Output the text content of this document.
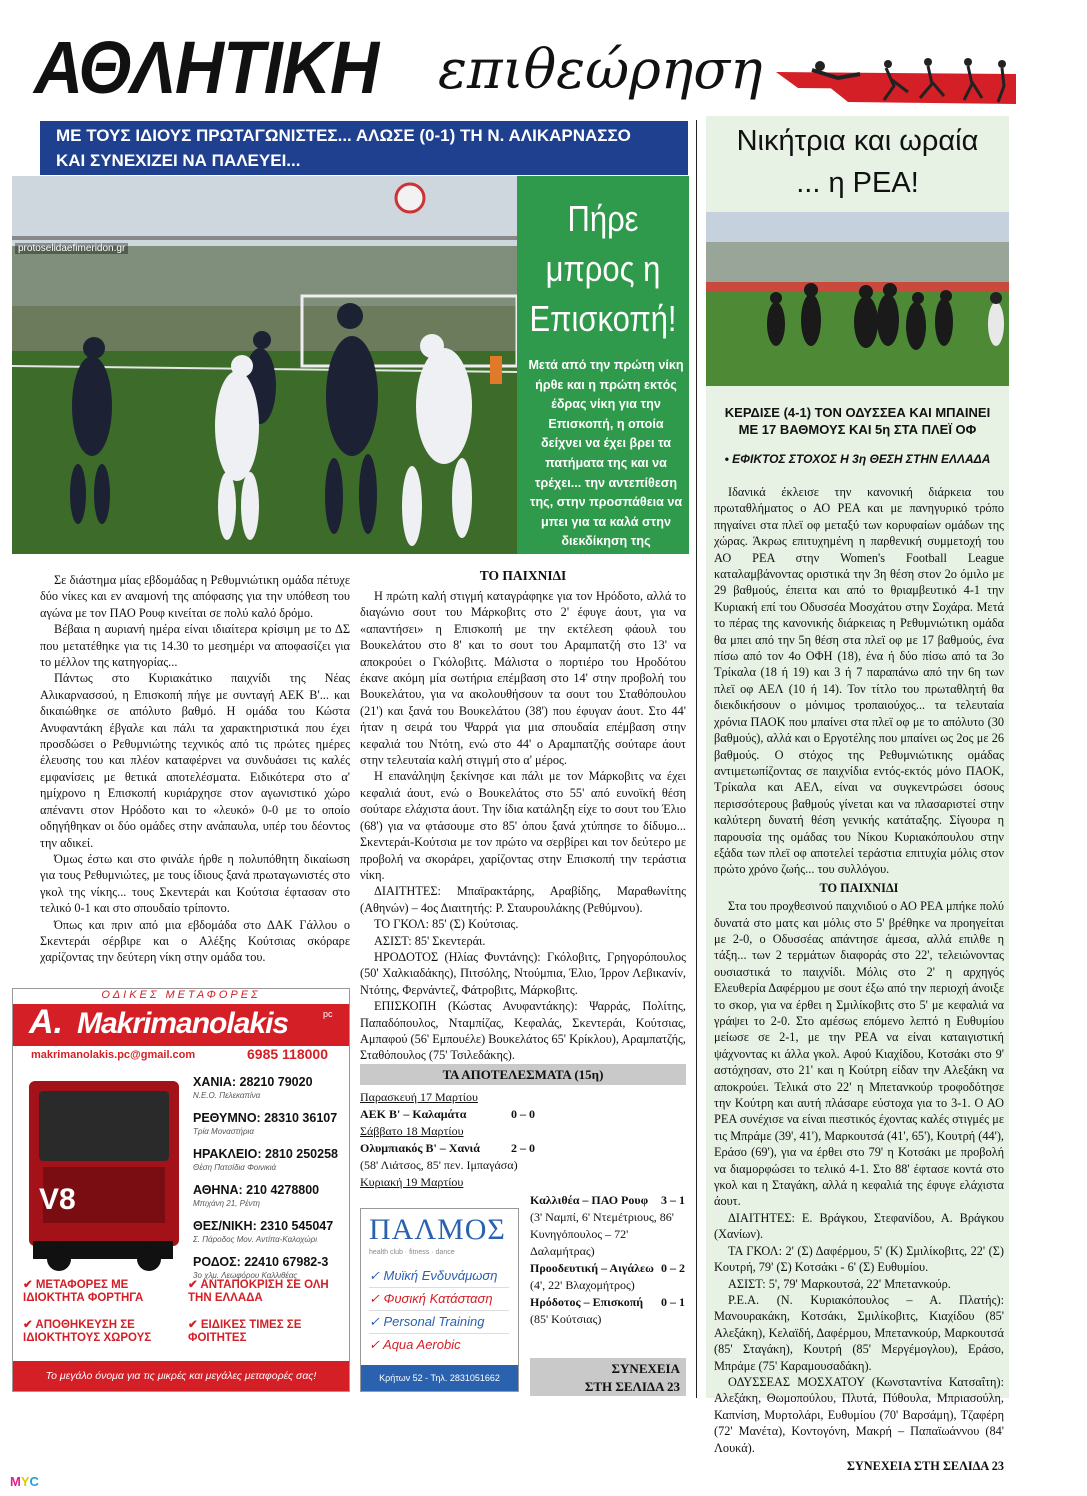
ΑΘΛΗΤΙΚΗ επιθεώρηση
ΜΕ ΤΟΥΣ ΙΔΙΟΥΣ ΠΡΩΤΑΓΩΝΙΣΤΕΣ... ΑΛΩΣΕ (0-1) ΤΗ Ν. ΑΛΙΚΑΡΝΑΣΣΟ
ΚΑΙ ΣΥΝΕΧΙΖΕΙ ΝΑ ΠΑΛΕΥΕΙ...
protoselidaefimeridon.gr
Πήρε
μπρος η
Επισκοπή!
Μετά από την πρώτη νίκη ήρθε και η πρώτη εκτός έδρας νίκη για την Επισκοπή, η οποία δείχνει να έχει βρει τα πατήματα της και να τρέχει... την αντεπίθεση της, στην προσπάθεια να μπει για τα καλά στην διεκδίκηση της παραμονής.

Σε διάστημα μίας εβδομάδας η Ρεθυμνιώτικη ομάδα πέτυχε δύο νίκες και εν αναμονή της απόφασης για την υπόθεση του αγώνα με τον ΠΑΟ Ρουφ κινείται σε πολύ καλό δρόμο.

Βέβαια η αυριανή ημέρα είναι ιδιαίτερα κρίσιμη με το ΔΣ που μετατέθηκε για τις 14.30 το μεσημέρι να αποφασίζει για το μέλλον της κατηγορίας...

Πάντως στο Κυριακάτικο παιχνίδι της Νέας Αλικαρνασσού, η Επισκοπή πήγε με συνταγή ΑΕΚ Β'... και δικαιώθηκε σε απόλυτο βαθμό. Η ομάδα του Κώστα Ανυφαντάκη έβγαλε και πάλι τα χαρακτηριστικά που έχει προσδώσει ο Ρεθυμνιώτης τεχνικός από τις πρώτες ημέρες έλευσης του και πλέον καταφέρνει να συνδυάσει τις καλές εμφανίσεις με θετικά αποτελέσματα. Ειδικότερα στο α' ημίχρονο η Επισκοπή κυριάρχησε στον αγωνιστικό χώρο απέναντι στον Ηρόδοτο και το «λευκό» 0-0 με το οποίο οδηγήθηκαν οι δύο ομάδες στην ανάπαυλα, υπέρ του δέοντος την αδικεί.

Όμως έστω και στο φινάλε ήρθε η πολυπόθητη δικαίωση για τους Ρεθυμνιώτες, με τους ίδιους ξανά πρωταγωνιστές στο γκολ της νίκης... τους Σκεντεράι και Κούτσια έφτασαν στο τελικό 0-1 και στο σπουδαίο τρίποντο.

Όπως και πριν από μια εβδομάδα στο ΔΑΚ Γάλλου ο Σκεντεράι σέρβιρε και ο Αλέξης Κούτσιας σκόραρε χαρίζοντας την δεύτερη νίκη στην ομάδα του.

ΤΟ ΠΑΙΧΝΙΔΙ

Η πρώτη καλή στιγμή καταγράφηκε για τον Ηρόδοτο, αλλά το διαγώνιο σουτ του Μάρκοβιτς στο 2' έφυγε άουτ, για να «απαντήσει» η Επισκοπή με την εκτέλεση φάουλ του Βουκελάτου στο 8' και το σουτ του Αραμπατζή στο 13' να αποκρούει ο Γκόλοβιτς. Μάλιστα ο πορτιέρο του Ηροδότου έκανε ακόμη μία σωτήρια επέμβαση στο 14' στην προβολή του Βουκελάτου, για να ακολουθήσουν τα σουτ του Σταθόπουλου (21') και ξανά του Βουκελάτου (38') που έφυγαν άουτ. Στο 44' ήταν η σειρά του Ψαρρά για μια σπουδαία επέμβαση στην κεφαλιά του Ντότη, ενώ στο 44' ο Αραμπατζής σούταρε άουτ στην τελευταία καλή στιγμή στο α' μέρος.

Η επανάληψη ξεκίνησε και πάλι με τον Μάρκοβιτς να έχει κεφαλιά άουτ, ενώ ο Βουκελάτος στο 55' από ευνοϊκή θέση σούταρε ελάχιστα άουτ. Την ίδια κατάληξη είχε το σουτ του Έλιο (68') για να φτάσουμε στο 85' όπου ξανά χτύπησε το δίδυμο... Σκεντεράι-Κούτσια με τον πρώτο να σερβίρει και τον δεύτερο με προβολή να σκοράρει, χαρίζοντας στην Επισκοπή την τεράστια νίκη.

ΔΙΑΙΤΗΤΕΣ: Μπαϊρακτάρης, Αραβίδης, Μαραθωνίτης (Αθηνών) – 4ος Διαιτητής: Ρ. Σταυρουλάκης (Ρεθύμνου).

ΤΟ ΓΚΟΛ: 85' (Σ) Κούτσιας.

ΑΣΙΣΤ: 85' Σκεντεράι.

ΗΡΟΔΟΤΟΣ (Ηλίας Φυντάνης): Γκόλοβιτς, Γρηγορόπουλος (50' Χαλκιαδάκης), Πιτσόλης, Ντούμπια, Έλιο, Ίρρον Λεβικανίν, Ντότης, Φερνάντεζ, Φάτροβιτς, Μάρκοβιτς.

ΕΠΙΣΚΟΠΗ (Κώστας Ανυφαντάκης): Ψαρράς, Πολίτης, Παπαδόπουλος, Νταμπίζας, Κεφαλάς, Σκεντεράι, Κούτσιας, Αμπαφού (56' Εμπουέλε) Βουκελάτος 65' Κρίκλου), Αραμπατζής, Σταθόπουλος (75' Τσιλεδάκης).

ΤΑ ΑΠΟΤΕΛΕΣΜΑΤΑ (15η)
Παρασκευή 17 Μαρτίου
ΑΕΚ Β' – Καλαμάτα	0 – 0
Σάββατο 18 Μαρτίου
Ολυμπιακός Β' – Χανιά	2 – 0
(58' Λιάτσος, 85' πεν. Ιμπαγάσα)
Κυριακή 19 Μαρτίου
Καλλιθέα – ΠΑΟ Ρουφ 3 – 1
(3' Ναμπί, 6' Ντεμέτριους, 86' Κυνηγόπουλος – 72' Δαλαμήτρας)
Προοδευτική – Αιγάλεω 0 – 2
(4', 22' Βλαχομήτρος)
Ηρόδοτος – Επισκοπή 0 – 1
(85' Κούτσιας)
ΣΥΝΕΧΕΙΑ
ΣΤΗ ΣΕΛΙΔΑ 23
ΟΔΙΚΕΣ ΜΕΤΑΦΟΡΕΣ
A. Makrimanolakis	pc
makrimanolakis.pc@gmail.com	6985 118000
V8
ΧΑΝΙΑ: 28210 79020
Ν.Ε.Ο. Πελεκαπίνα
ΡΕΘΥΜΝΟ: 28310 36107
Τρία Μοναστήρια
ΗΡΑΚΛΕΙΟ: 2810 250258
Θέση Πατσίδια Φοινικιά
ΑΘΗΝΑ: 210 4278800
Μπιχάνη 21, Ρέντη
ΘΕΣ/ΝΙΚΗ: 2310 545047
Σ. Πάροδος Μον. Αντίπα-Καλοχώρι
ΡΟΔΟΣ: 22410 67982-3
3ο χλμ. Λεωφόρου Καλλιθέας
✔ ΜΕΤΑΦΟΡΕΣ ΜΕ ΙΔΙΟΚΤΗΤΑ ΦΟΡΤΗΓΑ
✔ ΑΝΤΑΠΟΚΡΙΣΗ ΣΕ ΟΛΗ ΤΗΝ ΕΛΛΑΔΑ
✔ ΑΠΟΘΗΚΕΥΣΗ ΣΕ ΙΔΙΟΚΤΗΤΟΥΣ ΧΩΡΟΥΣ
✔ ΕΙΔΙΚΕΣ ΤΙΜΕΣ ΣΕ ΦΟΙΤΗΤΕΣ
Το μεγάλο όνομα για τις μικρές και μεγάλες μεταφορές σας!
ΠΑΛΜΟΣ
health club · fitness · dance
✓ Μυϊκή Ενδυνάμωση
✓ Φυσική Κατάσταση
✓ Personal Training
✓ Aqua Aerobic
Κρήτων 52 - Τηλ. 2831051662
Νικήτρια και ωραία
... η ΡΕΑ!
ΚΕΡΔΙΣΕ (4-1) ΤΟΝ ΟΔΥΣΣΕΑ ΚΑΙ ΜΠΑΙΝΕΙ
ΜΕ 17 ΒΑΘΜΟΥΣ ΚΑΙ 5η ΣΤΑ ΠΛΕΪ ΟΦ
• ΕΦΙΚΤΟΣ ΣΤΟΧΟΣ Η 3η ΘΕΣΗ ΣΤΗΝ ΕΛΛΑΔΑ

Ιδανικά έκλεισε την κανονική διάρκεια του πρωταθλήματος ο ΑΟ ΡΕΑ και με πανηγυρικό τρόπο πηγαίνει στα πλεϊ οφ μεταξύ των κορυφαίων ομάδων της χώρας. Άκρως επιτυχημένη η παρθενική συμμετοχή του ΑΟ ΡΕΑ στην Women's Football League καταλαμβάνοντας οριστικά την 3η θέση στον 2ο όμιλο με 29 βαθμούς, έπειτα και από το θριαμβευτικό 4-1 την Κυριακή επί του Οδυσσέα Μοσχάτου στην Σοχάρα. Μετά το πέρας της κανονικής διάρκειας η Ρεθυμνιώτικη ομάδα θα μπει από την 5η θέση στα πλεϊ οφ με 17 βαθμούς, ένα πίσω από τον 4ο ΟΦΗ (18), ένα ή δύο πίσω από τα 3ο Τρίκαλα (18 ή 19) και 3 ή 7 παραπάνω από την 6η των πλεϊ οφ ΑΕΛ (10 ή 14). Τον τίτλο του πρωταθλητή θα διεκδικήσουν ο μόνιμος τροπαιούχος... τα τελευταία χρόνια ΠΑΟΚ που μπαίνει στα πλεϊ οφ με το απόλυτο (30 βαθμούς), αλλά και ο Εργοτέλης που μπαίνει ως 2ος με 26 βαθμούς. Ο στόχος της Ρεθυμνιώτικης ομάδας αντιμετωπίζοντας σε παιχνίδια εντός-εκτός μόνο ΠΑΟΚ, Τρίκαλα και ΑΕΛ, είναι να συγκεντρώσει όσους περισσότερους βαθμούς γίνεται και να πλασαριστεί στην καλύτερη δυνατή θέση γενικής κατάταξης. Σίγουρα η παρουσία της ομάδας του Νίκου Κυριακόπουλου στην εξάδα των πλεϊ οφ αποτελεί τεράστια επιτυχία μόλις στον πρώτο χρόνο ζωής... του συλλόγου.

ΤΟ ΠΑΙΧΝΙΔΙ

Στα του προχθεσινού παιχνιδιού ο ΑΟ ΡΕΑ μπήκε πολύ δυνατά στο ματς και μόλις στο 5' βρέθηκε να προηγείται με 2-0, ο Οδυσσέας απάντησε άμεσα, αλλά επιλθε η τάξη... των 2 τερμάτων διαφοράς στο 22', τελειώνοντας ουσιαστικά το παιχνίδι. Μόλις στο 2' η αρχηγός Ελευθερία Δαφέρμου με σουτ έξω από την περιοχή άνοιξε το σκορ, για να έρθει η Σμιλίκοβιτς στο 5' με κεφαλιά να γράψει το 2-0. Στο αμέσως επόμενο λεπτό η Ευθυμίου μείωσε σε 2-1, με την ΡΕΑ να είναι καταιγιστική ψάχνοντας κι άλλα γκολ. Αφού Κιαχίδου, Κοτσάκι στο 9' αστόχησαν, στο 21' και η Κούτρη είδαν την Αλεξάκη να αποκρούει. Τελικά στο 22' η Μπετανκούρ τροφοδότησε την Κούτρη και αυτή πλάσαρε εύστοχα για το 3-1. Ο ΑΟ ΡΕΑ συνέχισε να είναι πιεστικός έχοντας καλές στιγμές με τις Μπράμε (39', 41'), Μαρκουτσά (41', 65'), Κουτρή (44'), Εράσο (69'), για να έρθει στο 79' η Κοτσάκι με προβολή να διαμορφώσει το τελικό 4-1. Στο 88' έφτασε κοντά στο γκολ και η Σταγάκη, αλλά η κεφαλιά της έφυγε ελάχιστα άουτ.

ΔΙΑΙΤΗΤΕΣ: Ε. Βράγκου, Στεφανίδου, Α. Βράγκου (Χανίων).

ΤΑ ΓΚΟΛ: 2' (Σ) Δαφέρμου, 5' (Κ) Σμιλίκοβιτς, 22' (Σ) Κουτρή, 79' (Σ) Κοτσάκι - 6' (Σ) Ευθυμίου.

ΑΣΙΣΤ: 5', 79' Μαρκουτσά, 22' Μπετανκούρ.

Ρ.Ε.Α. (Ν. Κυριακόπουλος – Α. Πλατής): Μανουρακάκη, Κοτσάκι, Σμιλίκοβιτς, Κιαχίδου (85' Αλεξάκη), Κελαϊδή, Δαφέρμου, Μπετανκούρ, Μαρκουτσά (85' Σταγάκη), Κουτρή (85' Μεργέμογλου), Εράσο, Μπράμε (75' Καραμουσαδάκη).

ΟΔΥΣΣΕΑΣ ΜΟΣΧΑΤΟΥ (Κωνσταντίνα Κατσαΐτη): Αλεξάκη, Θωμοπούλου, Πλυτά, Πύθουλα, Μπριασούλη, Καπνίση, Μυρτολάρι, Ευθυμίου (70' Βαρσάμη), Τζαφέρη (72' Μανέτα), Κοντογόνη, Μακρή – Παπαϊωάννου (84' Λουκά).

ΣΥΝΕΧΕΙΑ ΣΤΗ ΣΕΛΙΔΑ 23
MYC
